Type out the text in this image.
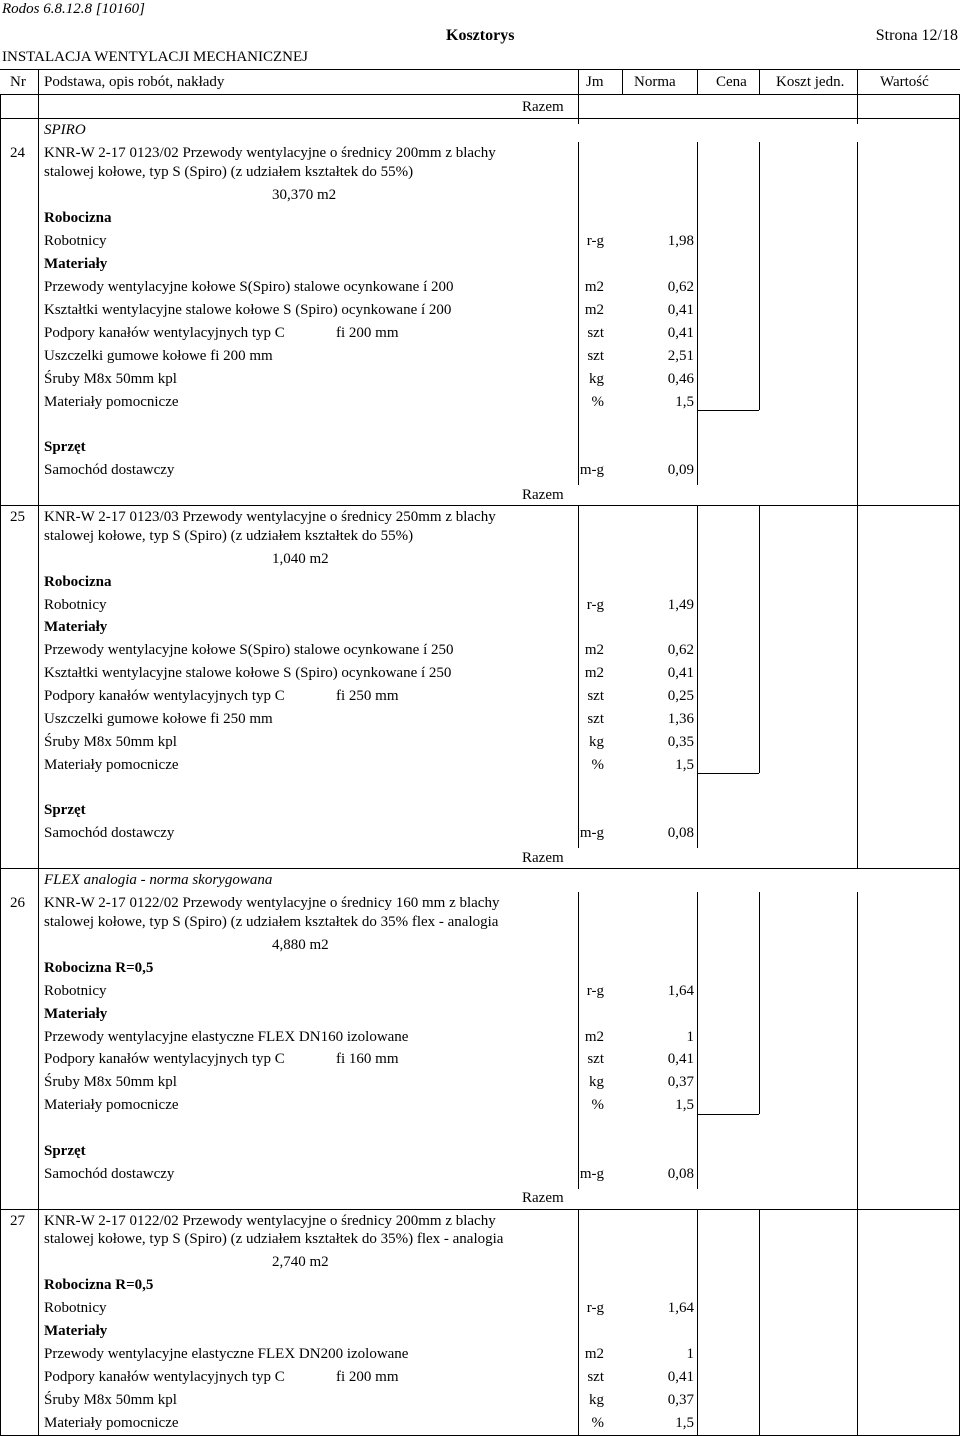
Rodos 6.8.12.8 [10160]
Kosztorys	Strona 12/18
INSTALACJA WENTYLACJI MECHANICZNEJ
Nr Podstawa, opis robót, nakłady	Jm Norma	Cena Koszt jedn. Wartość
Razem
SPIRO
24 KNR-W 2-17 0123/02 Przewody wentylacyjne o średnicy 200mm z blachy
stalowej kołowe, typ S (Spiro) (z udziałem kształtek do 55%)
30,370 m2
Robocizna
Robotnicy	r-g	1,98
Materiały
Przewody wentylacyjne kołowe S(Spiro) stalowe ocynkowane í 200	m2	0,62
Kształtki wentylacyjne stalowe kołowe S (Spiro) ocynkowane í 200	m2	0,41
Podpory kanałów wentylacyjnych typ C	fi 200 mm	szt	0,41
Uszczelki gumowe kołowe fi 200 mm	szt	2,51
Śruby M8x 50mm kpl	kg	0,46
Materiały pomocnicze	%	1,5
Sprzęt
Samochód dostawczy	m-g	0,09
Razem
25 KNR-W 2-17 0123/03 Przewody wentylacyjne o średnicy 250mm z blachy
stalowej kołowe, typ S (Spiro) (z udziałem kształtek do 55%)
1,040 m2
Robocizna
Robotnicy	r-g	1,49
Materiały
Przewody wentylacyjne kołowe S(Spiro) stalowe ocynkowane í 250	m2	0,62
Kształtki wentylacyjne stalowe kołowe S (Spiro) ocynkowane í 250	m2	0,41
Podpory kanałów wentylacyjnych typ C	fi 250 mm	szt	0,25
Uszczelki gumowe kołowe fi 250 mm	szt	1,36
Śruby M8x 50mm kpl	kg	0,35
Materiały pomocnicze	%	1,5
Sprzęt
Samochód dostawczy	m-g	0,08
Razem
FLEX analogia - norma skorygowana
26 KNR-W 2-17 0122/02 Przewody wentylacyjne o średnicy 160 mm z blachy
stalowej kołowe, typ S (Spiro) (z udziałem kształtek do 35% flex - analogia
4,880 m2
Robocizna R=0,5
Robotnicy	r-g	1,64
Materiały
Przewody wentylacyjne elastyczne FLEX DN160 izolowane	m2	1
Podpory kanałów wentylacyjnych typ C	fi 160 mm	szt	0,41
Śruby M8x 50mm kpl	kg	0,37
Materiały pomocnicze	%	1,5
Sprzęt
Samochód dostawczy	m-g	0,08
Razem
27 KNR-W 2-17 0122/02 Przewody wentylacyjne o średnicy 200mm z blachy
stalowej kołowe, typ S (Spiro) (z udziałem kształtek do 35%) flex - analogia
2,740 m2
Robocizna R=0,5
Robotnicy	r-g	1,64
Materiały
Przewody wentylacyjne elastyczne FLEX DN200 izolowane	m2	1
Podpory kanałów wentylacyjnych typ C	fi 200 mm	szt	0,41
Śruby M8x 50mm kpl	kg	0,37
Materiały pomocnicze	%	1,5
